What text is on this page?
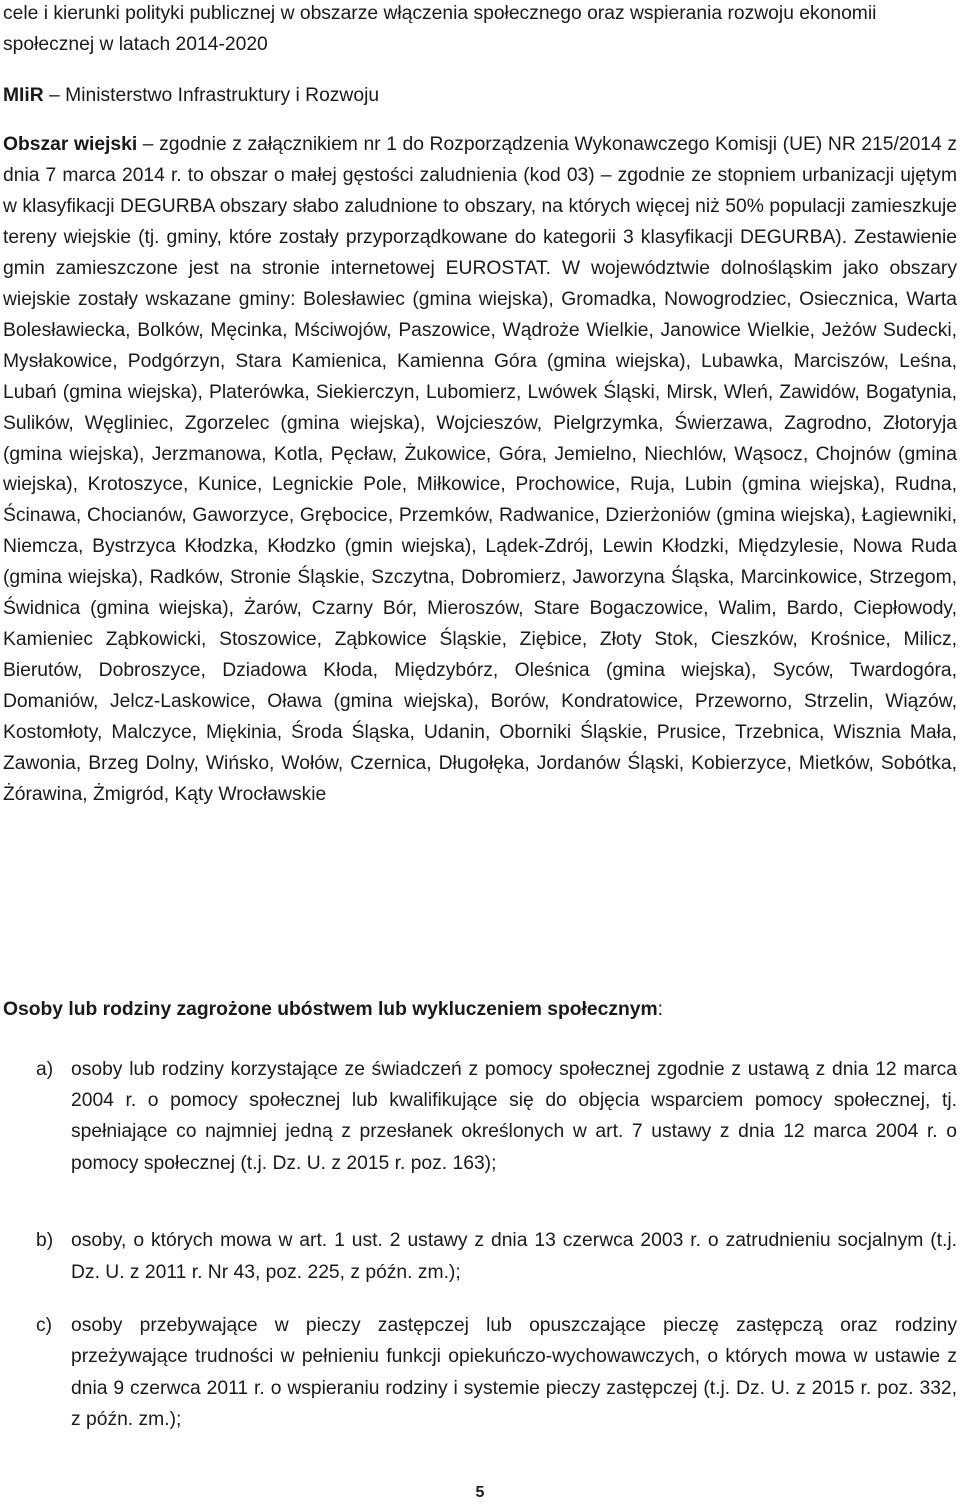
cele i kierunki polityki publicznej w obszarze włączenia społecznego oraz wspierania rozwoju ekonomii społecznej w latach 2014-2020

MIiR – Ministerstwo Infrastruktury i Rozwoju

Obszar wiejski – zgodnie z załącznikiem nr 1 do Rozporządzenia Wykonawczego Komisji (UE) NR 215/2014 z dnia 7 marca 2014 r. to obszar o małej gęstości zaludnienia (kod 03) – zgodnie ze stopniem urbanizacji ujętym w klasyfikacji DEGURBA obszary słabo zaludnione to obszary, na których więcej niż 50% populacji zamieszkuje tereny wiejskie (tj. gminy, które zostały przyporządkowane do kategorii 3 klasyfikacji DEGURBA). Zestawienie gmin zamieszczone jest na stronie internetowej EUROSTAT. W województwie dolnośląskim jako obszary wiejskie zostały wskazane gminy: Bolesławiec (gmina wiejska), Gromadka, Nowogrodziec, Osiecznica, Warta Bolesławiecka, Bolków, Męcinka, Mściwojów, Paszowice, Wądroże Wielkie, Janowice Wielkie, Jeżów Sudecki, Mysłakowice, Podgórzyn, Stara Kamienica, Kamienna Góra (gmina wiejska), Lubawka, Marciszów, Leśna, Lubań (gmina wiejska), Platerówka, Siekierczyn, Lubomierz, Lwówek Śląski, Mirsk, Wleń, Zawidów, Bogatynia, Sulików, Węgliniec, Zgorzelec (gmina wiejska), Wojcieszów, Pielgrzymka, Świerzawa, Zagrodno, Złotoryja (gmina wiejska), Jerzmanowa, Kotla, Pęcław, Żukowice, Góra, Jemielno, Niechlów, Wąsocz, Chojnów (gmina wiejska), Krotoszyce, Kunice, Legnickie Pole, Miłkowice, Prochowice, Ruja, Lubin (gmina wiejska), Rudna, Ścinawa, Chocianów, Gaworzyce, Grębocice, Przemków, Radwanice, Dzierżoniów (gmina wiejska), Łagiewniki, Niemcza, Bystrzyca Kłodzka, Kłodzko (gmin wiejska), Lądek-Zdrój, Lewin Kłodzki, Międzylesie, Nowa Ruda (gmina wiejska), Radków, Stronie Śląskie, Szczytna, Dobromierz, Jaworzyna Śląska, Marcinkowice, Strzegom, Świdnica (gmina wiejska), Żarów, Czarny Bór, Mieroszów, Stare Bogaczowice, Walim, Bardo, Ciepłowody, Kamieniec Ząbkowicki, Stoszowice, Ząbkowice Śląskie, Ziębice, Złoty Stok, Cieszków, Krośnice, Milicz, Bierutów, Dobroszyce, Dziadowa Kłoda, Międzybórz, Oleśnica (gmina wiejska), Syców, Twardogóra, Domaniów, Jelcz-Laskowice, Oława (gmina wiejska), Borów, Kondratowice, Przeworno, Strzelin, Wiązów, Kostomłoty, Malczyce, Miękinia, Środa Śląska, Udanin, Oborniki Śląskie, Prusice, Trzebnica, Wisznia Mała, Zawonia, Brzeg Dolny, Wińsko, Wołów, Czernica, Długołęka, Jordanów Śląski, Kobierzyce, Mietków, Sobótka, Żórawina, Żmigród, Kąty Wrocławskie

Osoby lub rodziny zagrożone ubóstwem lub wykluczeniem społecznym:

a) osoby lub rodziny korzystające ze świadczeń z pomocy społecznej zgodnie z ustawą z dnia 12 marca 2004 r. o pomocy społecznej lub kwalifikujące się do objęcia wsparciem pomocy społecznej, tj. spełniające co najmniej jedną z przesłanek określonych w art. 7 ustawy z dnia 12 marca 2004 r. o pomocy społecznej (t.j. Dz. U. z 2015 r. poz. 163);

b) osoby, o których mowa w art. 1 ust. 2 ustawy z dnia 13 czerwca 2003 r. o zatrudnieniu socjalnym (t.j. Dz. U. z 2011 r. Nr 43, poz. 225, z późn. zm.);

c) osoby przebywające w pieczy zastępczej lub opuszczające pieczę zastępczą oraz rodziny przeżywające trudności w pełnieniu funkcji opiekuńczo-wychowawczych, o których mowa w ustawie z dnia 9 czerwca 2011 r. o wspieraniu rodziny i systemie pieczy zastępczej (t.j. Dz. U. z 2015 r. poz. 332, z późn. zm.);

5
